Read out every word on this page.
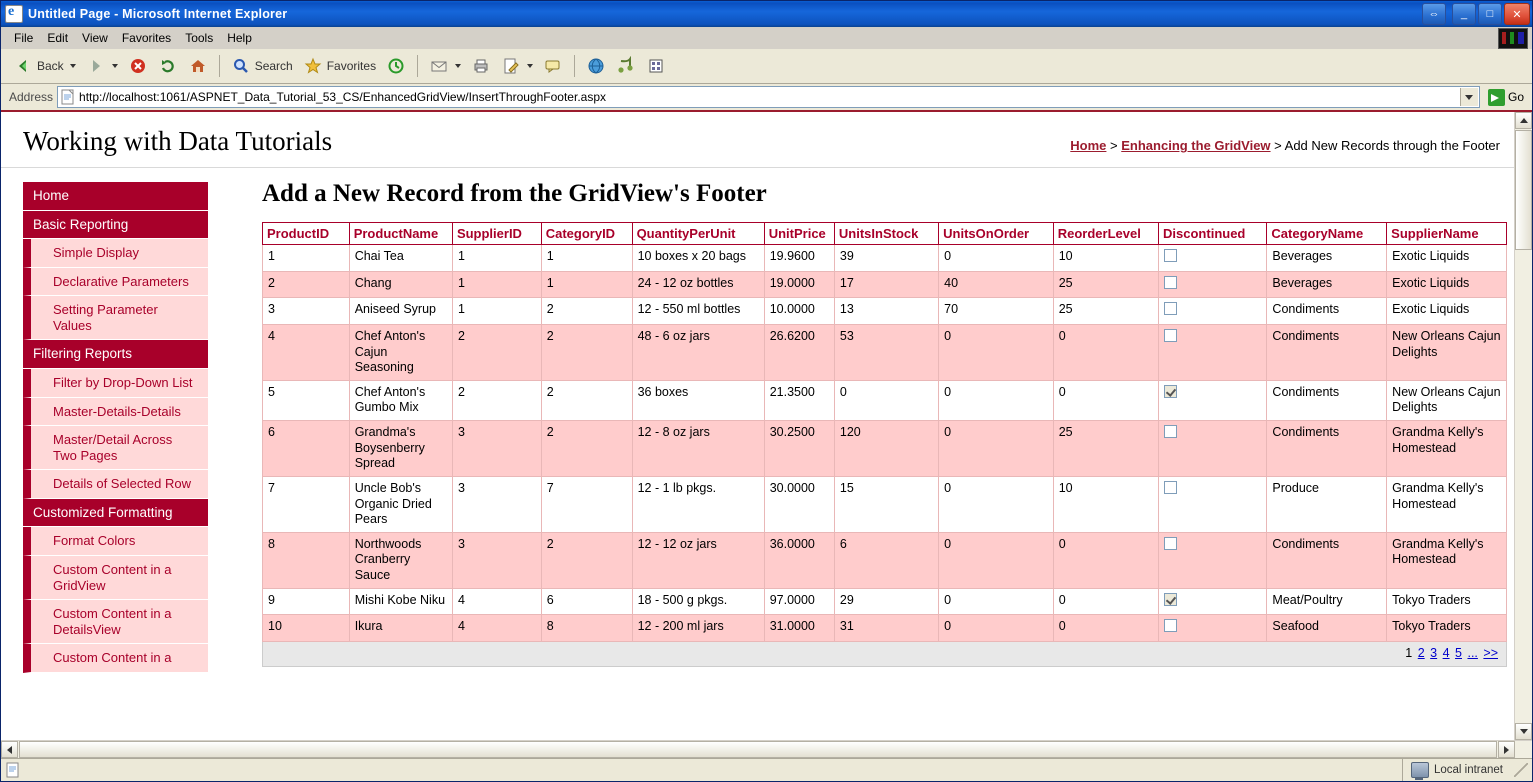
e
Untitled Page - Microsoft Internet Explorer	⇔	_	□	✕
File	Edit	View	Favorites	Tools	Help
Back	Search	Favorites
Address http://localhost:1061/ASPNET_Data_Tutorial_53_CS/EnhancedGridView/InsertThroughFooter.aspx	Go
Working with Data Tutorials	Home > Enhancing the GridView > Add New Records through the Footer
Home
Basic Reporting
Simple Display
Declarative Parameters
Setting Parameter Values
Filtering Reports
Filter by Drop-Down List
Master-Details-Details
Master/Detail Across Two Pages
Details of Selected Row
Customized Formatting
Format Colors
Custom Content in a GridView
Custom Content in a DetailsView
Custom Content in a
Add a New Record from the GridView's Footer
ProductID	ProductName	SupplierID	CategoryID	QuantityPerUnit	UnitPrice	UnitsInStock	UnitsOnOrder	ReorderLevel	Discontinued	CategoryName	SupplierName
1	Chai Tea	1	1	10 boxes x 20 bags	19.9600	39	0	10		Beverages	Exotic Liquids
2	Chang	1	1	24 - 12 oz bottles	19.0000	17	40	25		Beverages	Exotic Liquids
3	Aniseed Syrup	1	2	12 - 550 ml bottles	10.0000	13	70	25		Condiments	Exotic Liquids
4	Chef Anton's Cajun Seasoning	2	2	48 - 6 oz jars	26.6200	53	0	0		Condiments	New Orleans Cajun Delights
5	Chef Anton's Gumbo Mix	2	2	36 boxes	21.3500	0	0	0		Condiments	New Orleans Cajun Delights
6	Grandma's Boysenberry Spread	3	2	12 - 8 oz jars	30.2500	120	0	25		Condiments	Grandma Kelly's Homestead
7	Uncle Bob's Organic Dried Pears	3	7	12 - 1 lb pkgs.	30.0000	15	0	10		Produce	Grandma Kelly's Homestead
8	Northwoods Cranberry Sauce	3	2	12 - 12 oz jars	36.0000	6	0	0		Condiments	Grandma Kelly's Homestead
9	Mishi Kobe Niku	4	6	18 - 500 g pkgs.	97.0000	29	0	0		Meat/Poultry	Tokyo Traders
10	Ikura	4	8	12 - 200 ml jars	31.0000	31	0	0		Seafood	Tokyo Traders
1 2 3 4 5 ... >>											
Local intranet
